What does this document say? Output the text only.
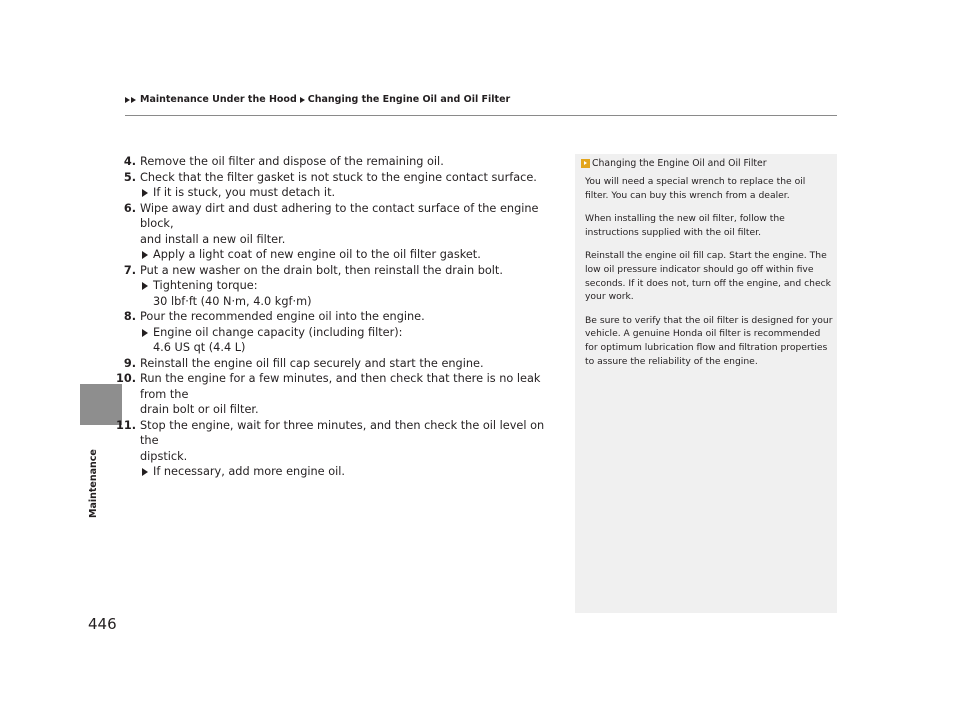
Maintenance Under the Hood Changing the Engine Oil and Oil Filter
Maintenance
4. Remove the oil filter and dispose of the remaining oil.
5. Check that the filter gasket is not stuck to the engine contact surface.
If it is stuck, you must detach it.
6. Wipe away dirt and dust adhering to the contact surface of the engine block,
and install a new oil filter.
Apply a light coat of new engine oil to the oil filter gasket.
7. Put a new washer on the drain bolt, then reinstall the drain bolt.
Tightening torque:
30 lbf·ft (40 N·m, 4.0 kgf·m)
8. Pour the recommended engine oil into the engine.
Engine oil change capacity (including filter):
4.6 US qt (4.4 L)
9. Reinstall the engine oil fill cap securely and start the engine.
10. Run the engine for a few minutes, and then check that there is no leak from the
drain bolt or oil filter.
11. Stop the engine, wait for three minutes, and then check the oil level on the
dipstick.
If necessary, add more engine oil.
Changing the Engine Oil and Oil Filter

You will need a special wrench to replace the oil
filter. You can buy this wrench from a dealer.

When installing the new oil filter, follow the
instructions supplied with the oil filter.

Reinstall the engine oil fill cap. Start the engine. The
low oil pressure indicator should go off within five
seconds. If it does not, turn off the engine, and check
your work.

Be sure to verify that the oil filter is designed for your
vehicle. A genuine Honda oil filter is recommended
for optimum lubrication flow and filtration properties
to assure the reliability of the engine.

446
